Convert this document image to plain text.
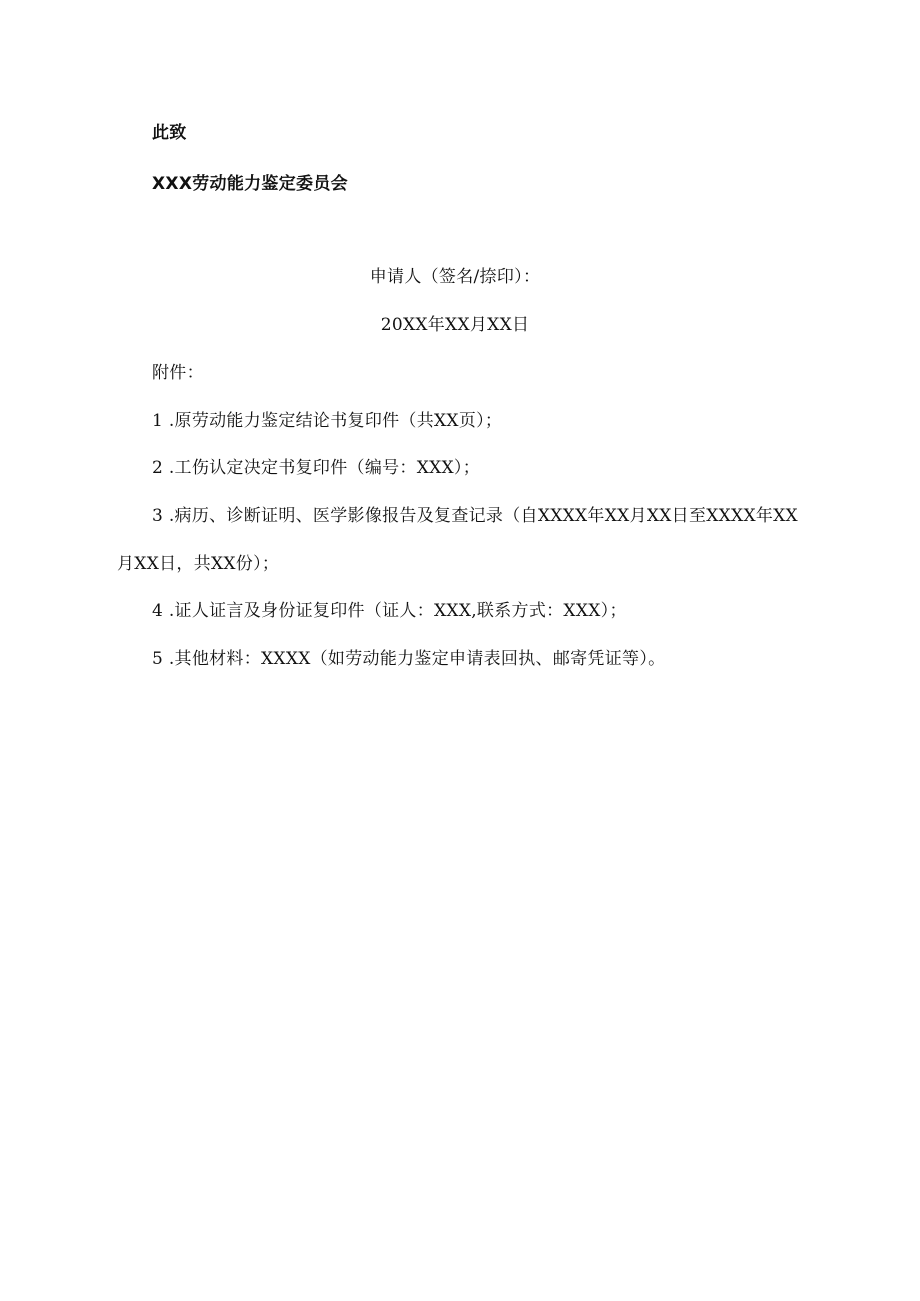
此致
XXX劳动能力鉴定委员会
申请人（签名/捺印）：
20XX年XX月XX日
附件：
1 .原劳动能力鉴定结论书复印件（共XX页）；
2 .工伤认定决定书复印件（编号：XXX）；
3 .病历、诊断证明、医学影像报告及复查记录（自XXXX年XX月XX日至XXXX年XX
月XX日，共XX份）；
4 .证人证言及身份证复印件（证人：XXX,联系方式：XXX）；
5 .其他材料：XXXX（如劳动能力鉴定申请表回执、邮寄凭证等）。
